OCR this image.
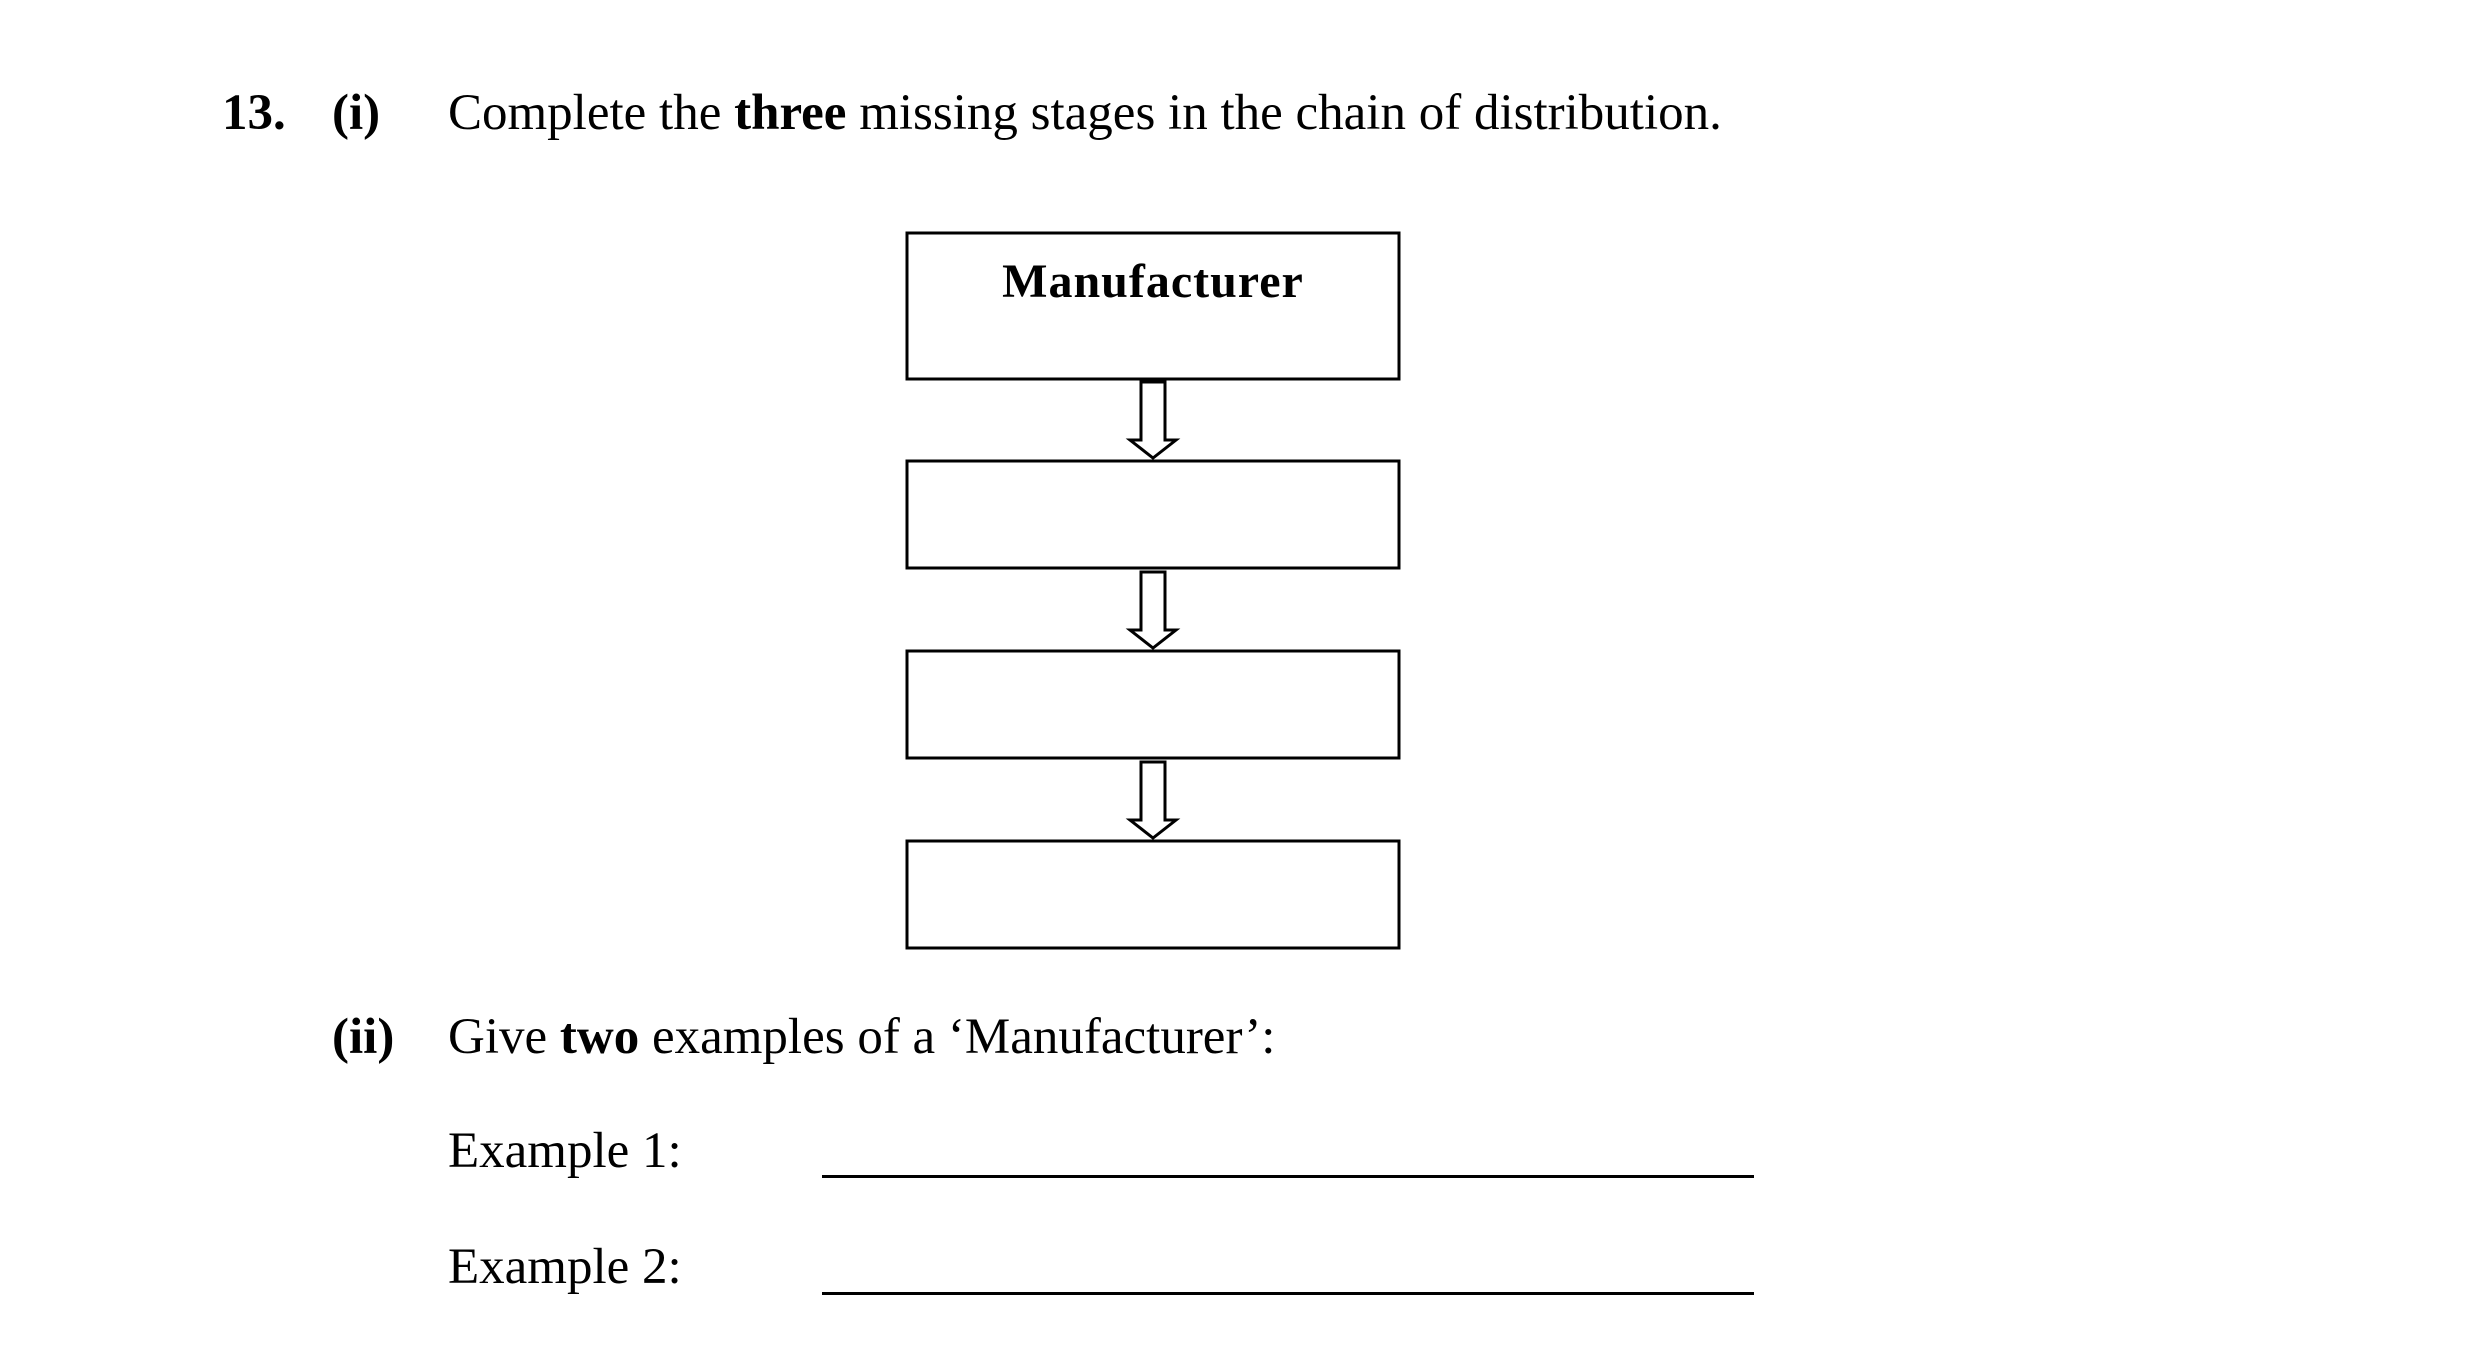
13. (i) Complete the three missing stages in the chain of distribution.
Manufacturer
(ii) Give two examples of a ‘Manufacturer’:
Example 1:
Example 2:
